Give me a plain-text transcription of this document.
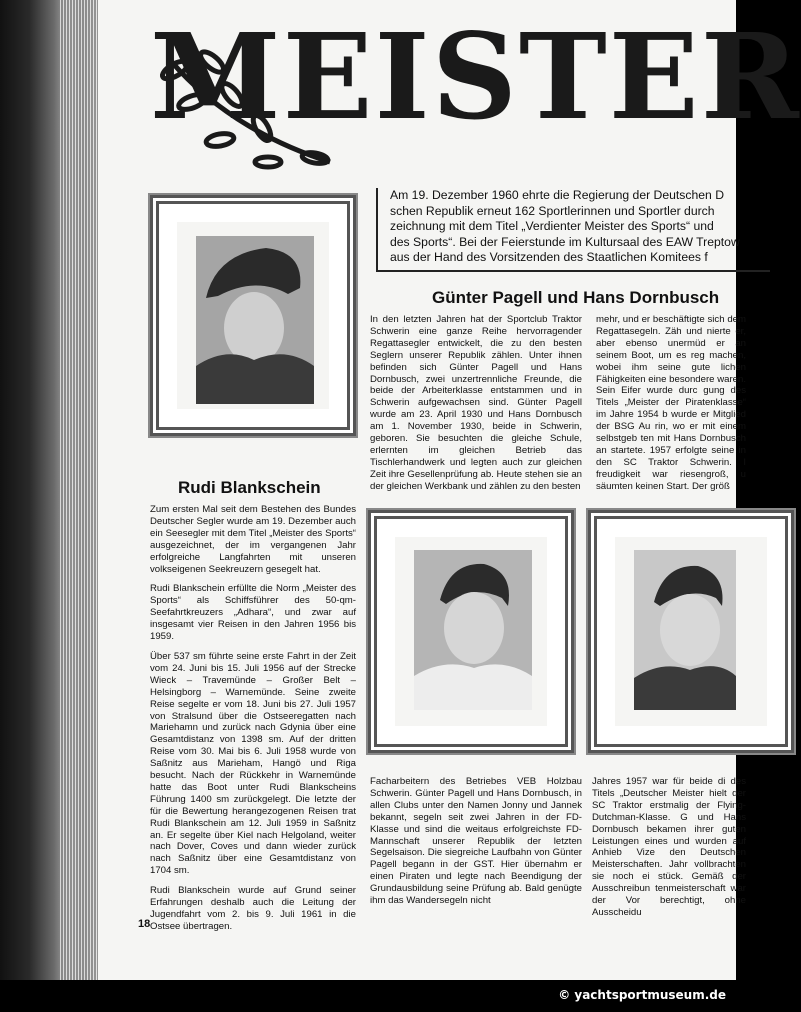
MEISTER

Am 19. Dezember 1960 ehrte die Regierung der Deutschen D

schen Republik erneut 162 Sportlerinnen und Sportler durch

zeichnung mit dem Titel „Verdienter Meister des Sports“ und

des Sports“. Bei der Feierstunde im Kultursaal des EAW Treptow

aus der Hand des Vorsitzenden des Staatlichen Komitees f

Rudi Blankschein

Zum ersten Mal seit dem Bestehen des Bundes Deutscher Segler wurde am 19. Dezember auch ein Seesegler mit dem Titel „Meister des Sports“ ausgezeichnet, der im vergangenen Jahr erfolgreiche Langfahrten mit unseren volkseigenen Seekreuzern gesegelt hat.

Rudi Blankschein erfüllte die Norm „Meister des Sports“ als Schiffsführer des 50-qm-Seefahrtkreuzers „Adhara“, und zwar auf insgesamt vier Reisen in den Jahren 1956 bis 1959.

Über 537 sm führte seine erste Fahrt in der Zeit vom 24. Juni bis 15. Juli 1956 auf der Strecke Wieck – Travemünde – Großer Belt – Helsingborg – Warnemünde. Seine zweite Reise segelte er vom 18. Juni bis 27. Juli 1957 von Stralsund über die Ostseeregatten nach Mariehamn und zurück nach Gdynia über eine Gesamtdistanz von 1398 sm. Auf der dritten Reise vom 30. Mai bis 6. Juli 1958 wurde von Saßnitz aus Marieham, Hangö und Riga besucht. Nach der Rückkehr in Warnemünde hatte das Boot unter Rudi Blankscheins Führung 1400 sm zurückgelegt. Die letzte der für die Bewertung herangezogenen Reisen trat Rudi Blankschein am 12. Juli 1959 in Saßnitz an. Er segelte über Kiel nach Helgoland, weiter nach Dover, Coves und dann wieder zurück nach Saßnitz über eine Gesamtdistanz von 1704 sm.

Rudi Blankschein wurde auf Grund seiner Erfahrungen deshalb auch die Leitung der Jugendfahrt vom 2. bis 9. Juli 1961 in die Ostsee übertragen.

Günter Pagell und Hans Dornbusch

In den letzten Jahren hat der Sportclub Traktor Schwerin eine ganze Reihe hervorragender Regattasegler entwickelt, die zu den besten Seglern unserer Republik zählen. Unter ihnen befinden sich Günter Pagell und Hans Dornbusch, zwei unzertrennliche Freunde, die beide der Arbeiterklasse entstammen und in Schwerin aufgewachsen sind. Günter Pagell wurde am 23. April 1930 und Hans Dornbusch am 1. November 1930, beide in Schwerin, geboren. Sie besuchten die gleiche Schule, erlernten im gleichen Betrieb das Tischlerhandwerk und legten auch zur gleichen Zeit ihre Gesellenprüfung ab. Heute stehen sie an der gleichen Werkbank und zählen zu den besten

mehr, und er beschäftigte sich dem Regattasegeln. Zäh und nierte er, aber ebenso unermüd er an seinem Boot, um es reg machen, wobei ihm seine gute lichen Fähigkeiten eine besondere waren. Sein Eifer wurde durc gung des Titels „Meister der Piratenklasse“ im Jahre 1954 b wurde er Mitglied der BSG Au rin, wo er mit einem selbstgeb ten mit Hans Dornbusch an startete. 1957 erfolgte seine in den SC Traktor Schwerin. I freudigkeit war riesengroß, u säumten keinen Start. Der größ

Facharbeitern des Betriebes VEB Holzbau Schwerin. Günter Pagell und Hans Dornbusch, in allen Clubs unter den Namen Jonny und Jannek bekannt, segeln seit zwei Jahren in der FD-Klasse und sind die weitaus erfolgreichste FD-Mannschaft unserer Republik der letzten Segelsaison. Die siegreiche Laufbahn von Günter Pagell begann in der GST. Hier übernahm er einen Piraten und legte nach Beendigung der Grundausbildung seine Prüfung ab. Bald genügte ihm das Wandersegeln nicht

Jahres 1957 war für beide di des Titels „Deutscher Meister hielt der SC Traktor erstmalig der Flying-Dutchman-Klasse. G und Hans Dornbusch bekamen ihrer guten Leistungen eines und wurden auf Anhieb Vize den Deutschen Meisterschaften. Jahr vollbrachten sie noch ei stück. Gemäß der Ausschreibun tenmeisterschaft war der Vor berechtigt, ohne Ausscheidu

18
© yachtsportmuseum.de
